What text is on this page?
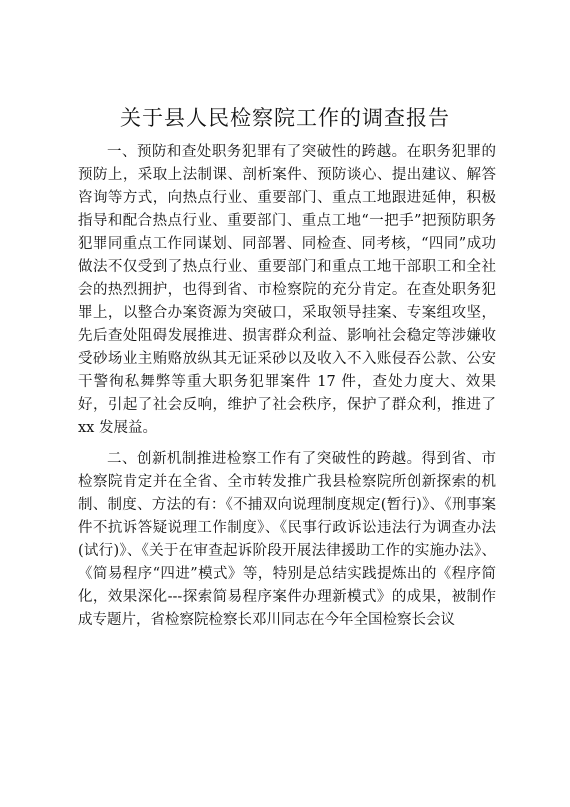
关于县人民检察院工作的调查报告

一、预防和查处职务犯罪有了突破性的跨越。在职务犯罪的预防上，采取上法制课、剖析案件、预防谈心、提出建议、解答咨询等方式，向热点行业、重要部门、重点工地跟进延伸，积极指导和配合热点行业、重要部门、重点工地“一把手”把预防职务犯罪同重点工作同谋划、同部署、同检查、同考核，“四同”成功做法不仅受到了热点行业、重要部门和重点工地干部职工和全社会的热烈拥护，也得到省、市检察院的充分肯定。在查处职务犯罪上，以整合办案资源为突破口，采取领导挂案、专案组攻坚，先后查处阻碍发展推进、损害群众利益、影响社会稳定等涉嫌收受砂场业主贿赂放纵其无证采砂以及收入不入账侵吞公款、公安干警徇私舞弊等重大职务犯罪案件 17 件，查处力度大、效果好，引起了社会反响，维护了社会秩序，保护了群众利，推进了 xx 发展益。

二、创新机制推进检察工作有了突破性的跨越。得到省、市检察院肯定并在全省、全市转发推广我县检察院所创新探索的机制、制度、方法的有：《不捕双向说理制度规定(暂行)》、《刑事案件不抗诉答疑说理工作制度》、《民事行政诉讼违法行为调查办法(试行)》、《关于在审查起诉阶段开展法律援助工作的实施办法》、《简易程序“四进”模式》等，特别是总结实践提炼出的《程序简化，效果深化---探索简易程序案件办理新模式》的成果，被制作成专题片，省检察院检察长邓川同志在今年全国检察长会议
